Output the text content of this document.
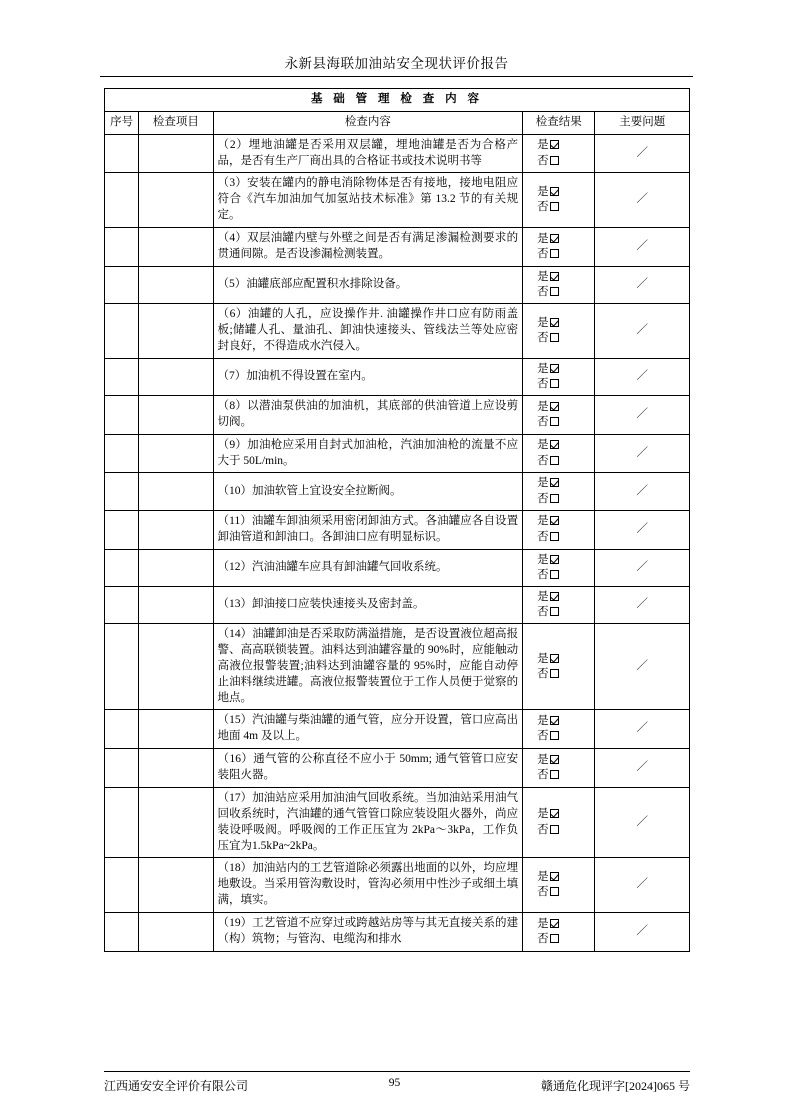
永新县海联加油站安全现状评价报告
基 础 管 理 检 查 内 容				
序号	检查项目	检查内容	检查结果	主要问题
		（2）埋地油罐是否采用双层罐，埋地油罐是否为合格产品，是否有生产厂商出具的合格证书或技术说明书等	是
否	／
		（3）安装在罐内的静电消除物体是否有接地，接地电阻应符合《汽车加油加气加氢站技术标准》第 13.2 节的有关规定。	是
否	／
		（4）双层油罐内壁与外壁之间是否有满足渗漏检测要求的贯通间隙。是否设渗漏检测装置。	是
否	／
		（5）油罐底部应配置积水排除设备。	是
否	／
		（6）油罐的人孔，应设操作井. 油罐操作井口应有防雨盖板;储罐人孔、量油孔、卸油快速接头、管线法兰等处应密封良好，不得造成水汽侵入。	是
否	／
		（7）加油机不得设置在室内。	是
否	／
		（8）以潜油泵供油的加油机，其底部的供油管道上应设剪切阀。	是
否	／
		（9）加油枪应采用自封式加油枪，汽油加油枪的流量不应大于 50L/min。	是
否	／
		（10）加油软管上宜设安全拉断阀。	是
否	／
		（11）油罐车卸油须采用密闭卸油方式。各油罐应各自设置卸油管道和卸油口。各卸油口应有明显标识。	是
否	／
		（12）汽油油罐车应具有卸油罐气回收系统。	是
否	／
		（13）卸油接口应装快速接头及密封盖。	是
否	／
		（14）油罐卸油是否采取防满溢措施，是否设置液位超高报警、高高联锁装置。油料达到油罐容量的 90%时，应能触动高液位报警装置;油料达到油罐容量的 95%时，应能自动停止油料继续进罐。高液位报警装置位于工作人员便于觉察的地点。	是
否	／
		（15）汽油罐与柴油罐的通气管，应分开设置，管口应高出地面 4m 及以上。	是
否	／
		（16）通气管的公称直径不应小于 50mm; 通气管管口应安装阻火器。	是
否	／
		（17）加油站应采用加油油气回收系统。当加油站采用油气回收系统时，汽油罐的通气管管口除应装设阻火器外，尚应装设呼吸阀。呼吸阀的工作正压宜为 2kPa～3kPa，工作负压宜为1.5kPa~2kPa。	是
否	／
		（18）加油站内的工艺管道除必须露出地面的以外，均应埋地敷设。当采用管沟敷设时，管沟必须用中性沙子或细土填满，填实。	是
否	／
		（19）工艺管道不应穿过或跨越站房等与其无直接关系的建（构）筑物；与管沟、电缆沟和排水	是
否	／
江西通安安全评价有限公司	95	赣通危化现评字[2024]065 号
